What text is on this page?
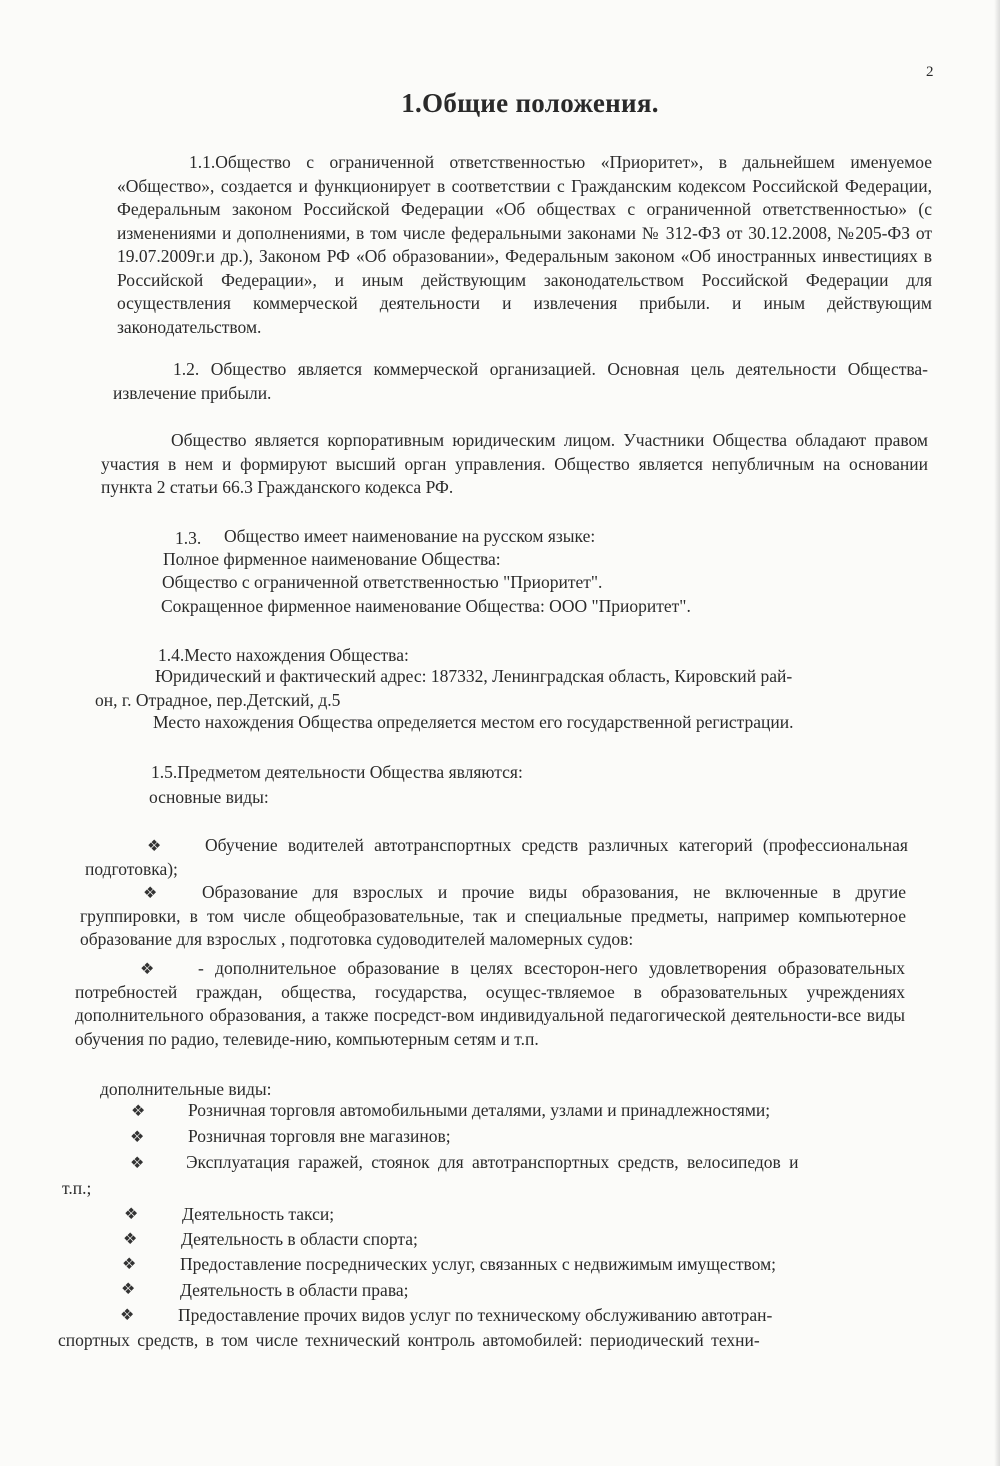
2
1.Общие положения.
1.1.Общество с ограниченной ответственностью «Приоритет», в дальнейшем именуемое «Общество», создается и функционирует в соответствии с Гражданским кодексом Российской Федерации, Федеральным законом Российской Федерации «Об обществах с ограниченной ответственностью» (с изменениями и дополнениями, в том числе федеральными законами № 312-ФЗ от 30.12.2008, №205-ФЗ от 19.07.2009г.и др.), Законом РФ «Об образовании», Федеральным законом «Об иностранных инвестициях в Российской Федерации», и иным действующим законодательством Российской Федерации для осуществления коммерческой деятельности и извлечения прибыли. и иным действующим законодательством.
1.2. Общество является коммерческой организацией. Основная цель деятельности Общества- извлечение прибыли.
Общество является корпоративным юридическим лицом. Участники Общества обладают правом участия в нем и формируют высший орган управления. Общество является непубличным на основании пункта 2 статьи 66.3 Гражданского кодекса РФ.
1.3. Общество имеет наименование на русском языке:
Полное фирменное наименование Общества:
Общество с ограниченной ответственностью "Приоритет".
Сокращенное фирменное наименование Общества: ООО "Приоритет".
1.4.Место нахождения Общества:
Юридический и фактический адрес: 187332, Ленинградская область, Кировский рай-
он, г. Отрадное, пер.Детский, д.5
Место нахождения Общества определяется местом его государственной регистрации.
1.5.Предметом деятельности Общества являются:
основные виды:
❖	Обучение водителей автотранспортных средств различных категорий (профессиональная подготовка);
❖	Образование для взрослых и прочие виды образования, не включенные в другие группировки, в том числе общеобразовательные, так и специальные предметы, например компьютерное образование для взрослых , подготовка судоводителей маломерных судов:
❖	- дополнительное образование в целях всесторон-него удовлетворения образовательных потребностей граждан, общества, государства, осущес-твляемое в образовательных учреждениях дополнительного образования, а также посредст-вом индивидуальной педагогической деятельности-все виды обучения по радио, телевиде-нию, компьютерным сетям и т.п.
дополнительные виды:
❖ Розничная торговля автомобильными деталями, узлами и принадлежностями;
❖ Розничная торговля вне магазинов;
❖ Эксплуатация гаражей, стоянок для автотранспортных средств, велосипедов и
т.п.;
❖ Деятельность такси;
❖ Деятельность в области спорта;
❖ Предоставление посреднических услуг, связанных с недвижимым имуществом;
❖	Деятельность в области права;
❖ Предоставление прочих видов услуг по техническому обслуживанию автотран-
спортных средств, в том числе технический контроль автомобилей: периодический техни-
